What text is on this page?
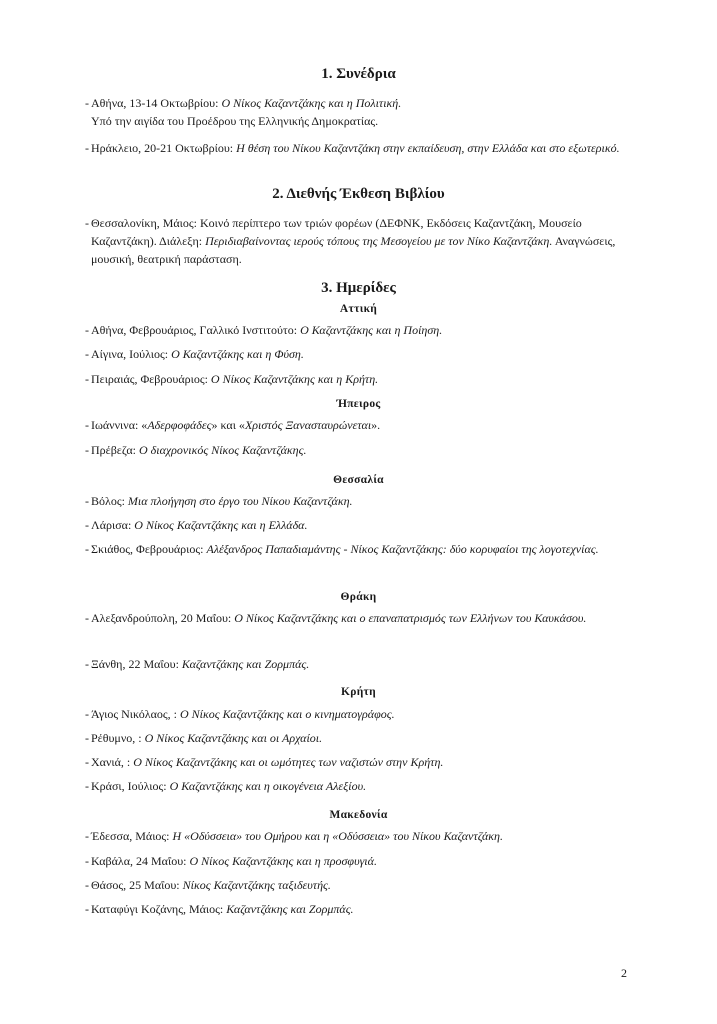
1. Συνέδρια
- Αθήνα, 13-14 Οκτωβρίου: Ο Νίκος Καζαντζάκης και η Πολιτική.
Υπό την αιγίδα του Προέδρου της Ελληνικής Δημοκρατίας.
- Ηράκλειο, 20-21 Οκτωβρίου: Η θέση του Νίκου Καζαντζάκη στην εκπαίδευση, στην Ελλάδα και στο εξωτερικό.
2. Διεθνής Έκθεση Βιβλίου
- Θεσσαλονίκη, Μάιος: Κοινό περίπτερο των τριών φορέων (ΔΕΦΝΚ, Εκδόσεις Καζαντζάκη, Μουσείο Καζαντζάκη). Διάλεξη: Περιδιαβαίνοντας ιερούς τόπους της Μεσογείου με τον Νίκο Καζαντζάκη. Αναγνώσεις, μουσική, θεατρική παράσταση.
3. Ημερίδες
Αττική
- Αθήνα, Φεβρουάριος, Γαλλικό Ινστιτούτο: Ο Καζαντζάκης και η Ποίηση.
- Αίγινα, Ιούλιος: Ο Καζαντζάκης και η Φύση.
- Πειραιάς, Φεβρουάριος: Ο Νίκος Καζαντζάκης και η Κρήτη.
Ήπειρος
- Ιωάννινα: «Αδερφοφάδες» και «Χριστός Ξανασταυρώνεται».
- Πρέβεζα: Ο διαχρονικός Νίκος Καζαντζάκης.
Θεσσαλία
- Βόλος: Μια πλοήγηση στο έργο του Νίκου Καζαντζάκη.
- Λάρισα: Ο Νίκος Καζαντζάκης και η Ελλάδα.
- Σκιάθος, Φεβρουάριος: Αλέξανδρος Παπαδιαμάντης - Νίκος Καζαντζάκης: δύο κορυφαίοι της λογοτεχνίας.
Θράκη
- Αλεξανδρούπολη, 20 Μαΐου: Ο Νίκος Καζαντζάκης και ο επαναπατρισμός των Ελλήνων του Καυκάσου.
- Ξάνθη, 22 Μαΐου: Καζαντζάκης και Ζορμπάς.
Κρήτη
- Άγιος Νικόλαος, : Ο Νίκος Καζαντζάκης και ο κινηματογράφος.
- Ρέθυμνο, : Ο Νίκος Καζαντζάκης και οι Αρχαίοι.
- Χανιά, : Ο Νίκος Καζαντζάκης και οι ωμότητες των ναζιστών στην Κρήτη.
- Κράσι, Ιούλιος: Ο Καζαντζάκης και η οικογένεια Αλεξίου.
Μακεδονία
- Έδεσσα, Μάιος: Η «Οδύσσεια» του Ομήρου και η «Οδύσσεια» του Νίκου Καζαντζάκη.
- Καβάλα, 24 Μαΐου: Ο Νίκος Καζαντζάκης και η προσφυγιά.
- Θάσος, 25 Μαΐου: Νίκος Καζαντζάκης ταξιδευτής.
- Καταφύγι Κοζάνης, Μάιος: Καζαντζάκης και Ζορμπάς.
2
